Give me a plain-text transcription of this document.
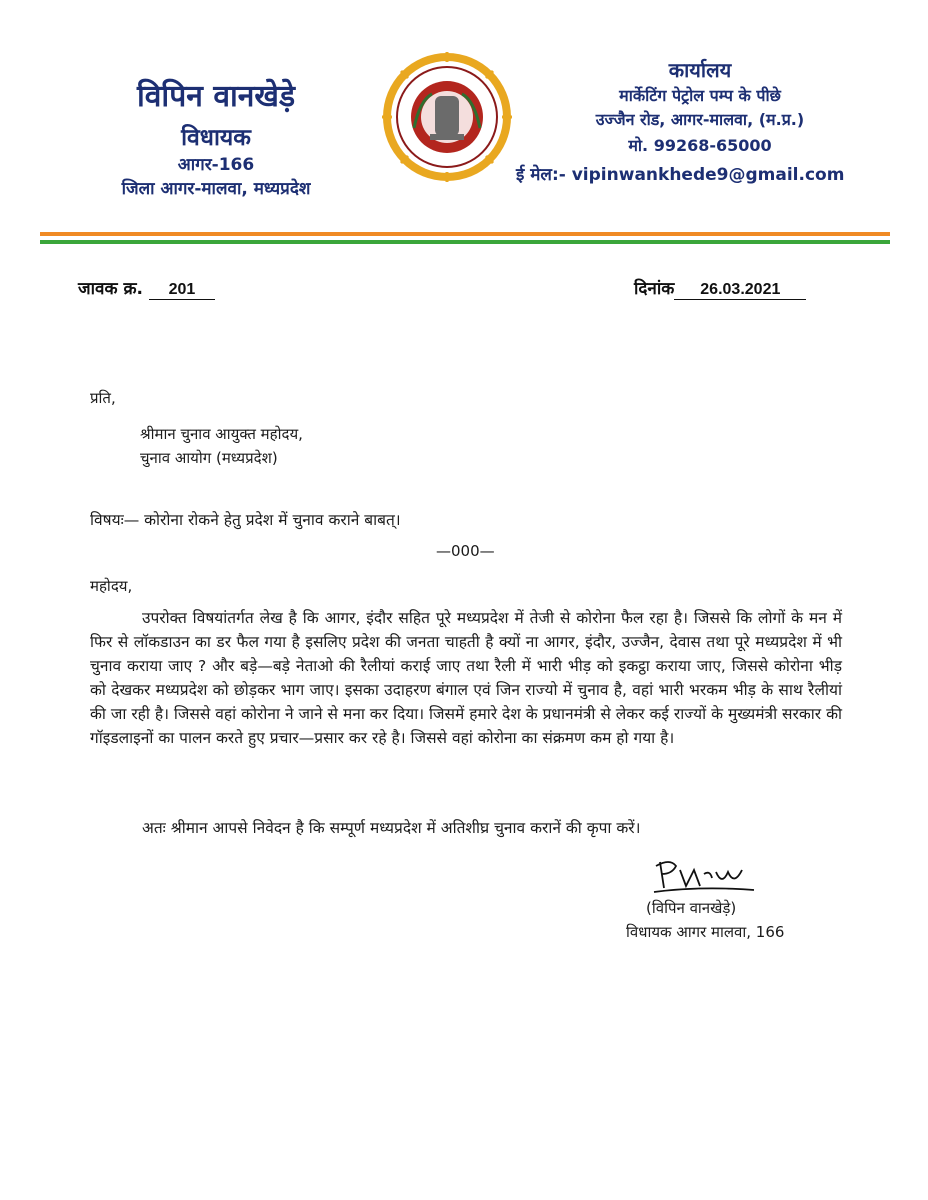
विपिन वानखेड़े
विधायक
आगर-166
जिला आगर-मालवा, मध्यप्रदेश
कार्यालय
मार्केटिंग पेट्रोल पम्प के पीछे
उज्जैन रोड, आगर-मालवा, (म.प्र.)
मो. 99268-65000
ई मेल:- vipinwankhede9@gmail.com
जावक क्र. 201	दिनांक 26.03.2021
प्रति,
श्रीमान चुनाव आयुक्त महोदय,
चुनाव आयोग (मध्यप्रदेश)
विषयः— कोरोना रोकने हेतु प्रदेश में चुनाव कराने बाबत्।
—000—
महोदय,
उपरोक्त विषयांतर्गत लेख है कि आगर, इंदौर सहित पूरे मध्यप्रदेश में तेजी से कोरोना फैल रहा है। जिससे कि लोगों के मन में फिर से लॉकडाउन का डर फैल गया है इसलिए प्रदेश की जनता चाहती है क्यों ना आगर, इंदौर, उज्जैन, देवास तथा पूरे मध्यप्रदेश में भी चुनाव कराया जाए ? और बड़े—बड़े नेताओ की रैलीयां कराई जाए तथा रैली में भारी भीड़ को इकट्ठा कराया जाए, जिससे कोरोना भीड़ को देखकर मध्यप्रदेश को छोड़कर भाग जाए। इसका उदाहरण बंगाल एवं जिन राज्यो में चुनाव है, वहां भारी भरकम भीड़ के साथ रैलीयां की जा रही है। जिससे वहां कोरोना ने जाने से मना कर दिया। जिसमें हमारे देश के प्रधानमंत्री से लेकर कई राज्यों के मुख्यमंत्री सरकार की गॉइडलाइनों का पालन करते हुए प्रचार—प्रसार कर रहे है। जिससे वहां कोरोना का संक्रमण कम हो गया है।
अतः श्रीमान आपसे निवेदन है कि सम्पूर्ण मध्यप्रदेश में अतिशीघ्र चुनाव करानें की कृपा करें।
(विपिन वानखेड़े)
विधायक आगर मालवा, 166
